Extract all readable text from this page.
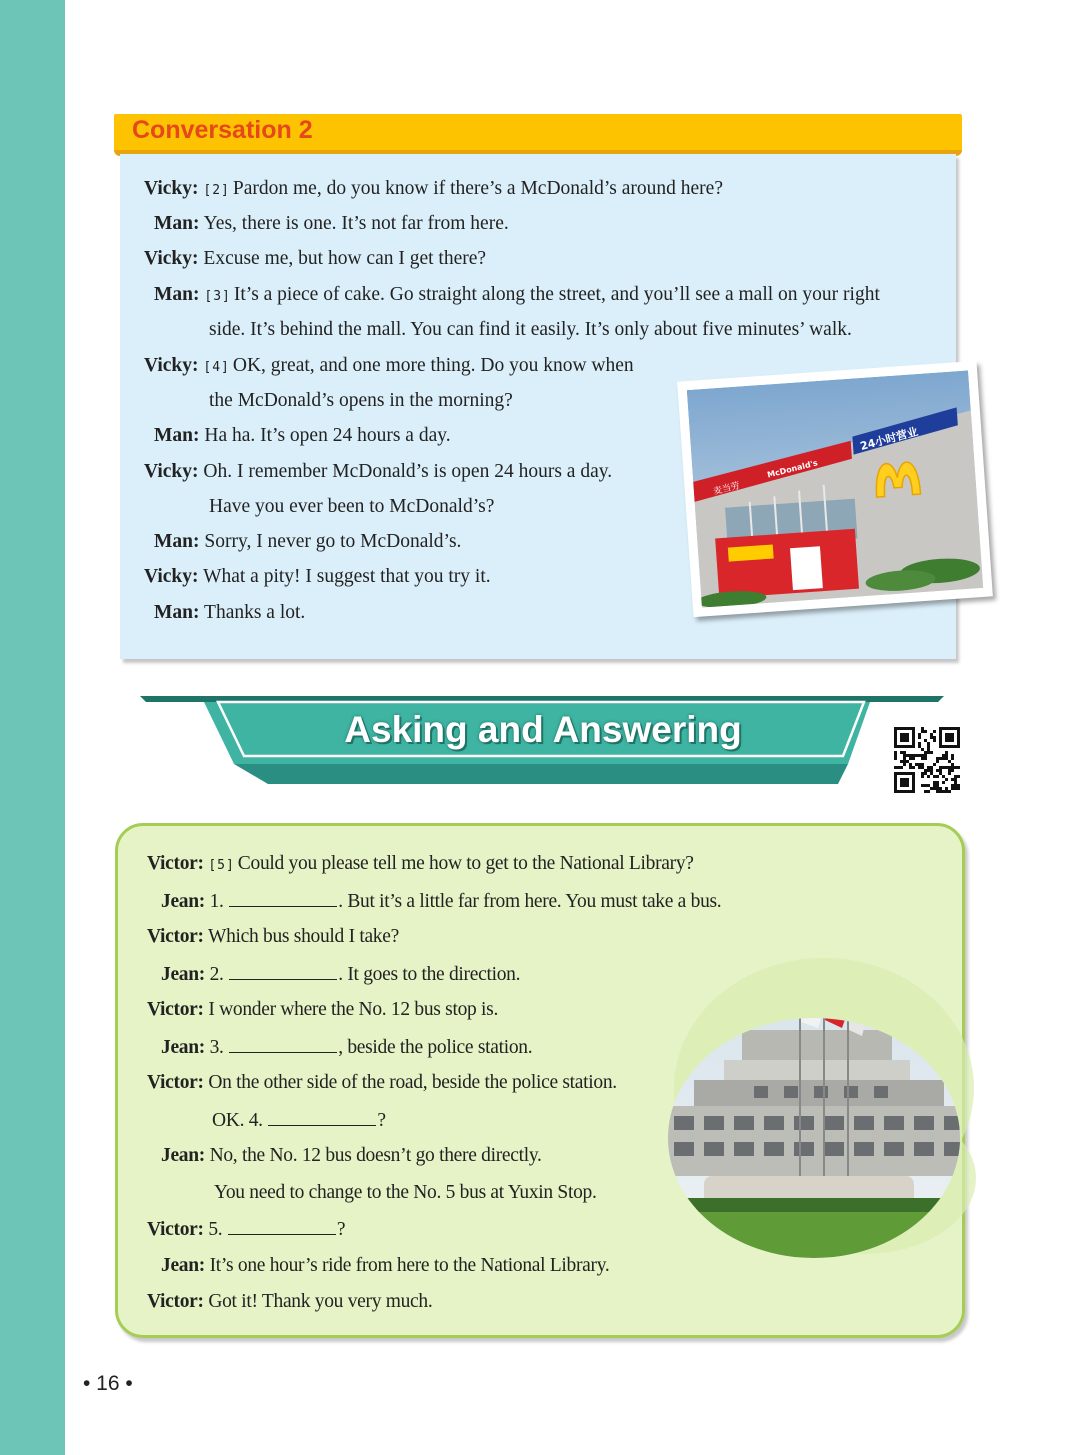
Conversation 2
Vicky: [2] Pardon me, do you know if there’s a McDonald’s around here?
Man: Yes, there is one. It’s not far from here.
Vicky: Excuse me, but how can I get there?
Man: [3] It’s a piece of cake. Go straight along the street, and you’ll see a mall on your right
side. It’s behind the mall. You can find it easily. It’s only about five minutes’ walk.
Vicky: [4] OK, great, and one more thing. Do you know when
the McDonald’s opens in the morning?
Man: Ha ha. It’s open 24 hours a day.
Vicky: Oh. I remember McDonald’s is open 24 hours a day.
Have you ever been to McDonald’s?
Man: Sorry, I never go to McDonald’s.
Vicky: What a pity! I suggest that you try it.
Man: Thanks a lot.
麦当劳
McDonald's
24小时营业
Asking and Answering
Victor: [5] Could you please tell me how to get to the National Library?
Jean: 1.	. But it’s a little far from here. You must take a bus.
Victor: Which bus should I take?
Jean: 2.	. It goes to the direction.
Victor: I wonder where the No. 12 bus stop is.
Jean: 3.	, beside the police station.
Victor: On the other side of the road, beside the police station.
OK. 4.	?
Jean: No, the No. 12 bus doesn’t go there directly.
You need to change to the No. 5 bus at Yuxin Stop.
Victor: 5.	?
Jean: It’s one hour’s ride from here to the National Library.
Victor: Got it! Thank you very much.
• 16 •
